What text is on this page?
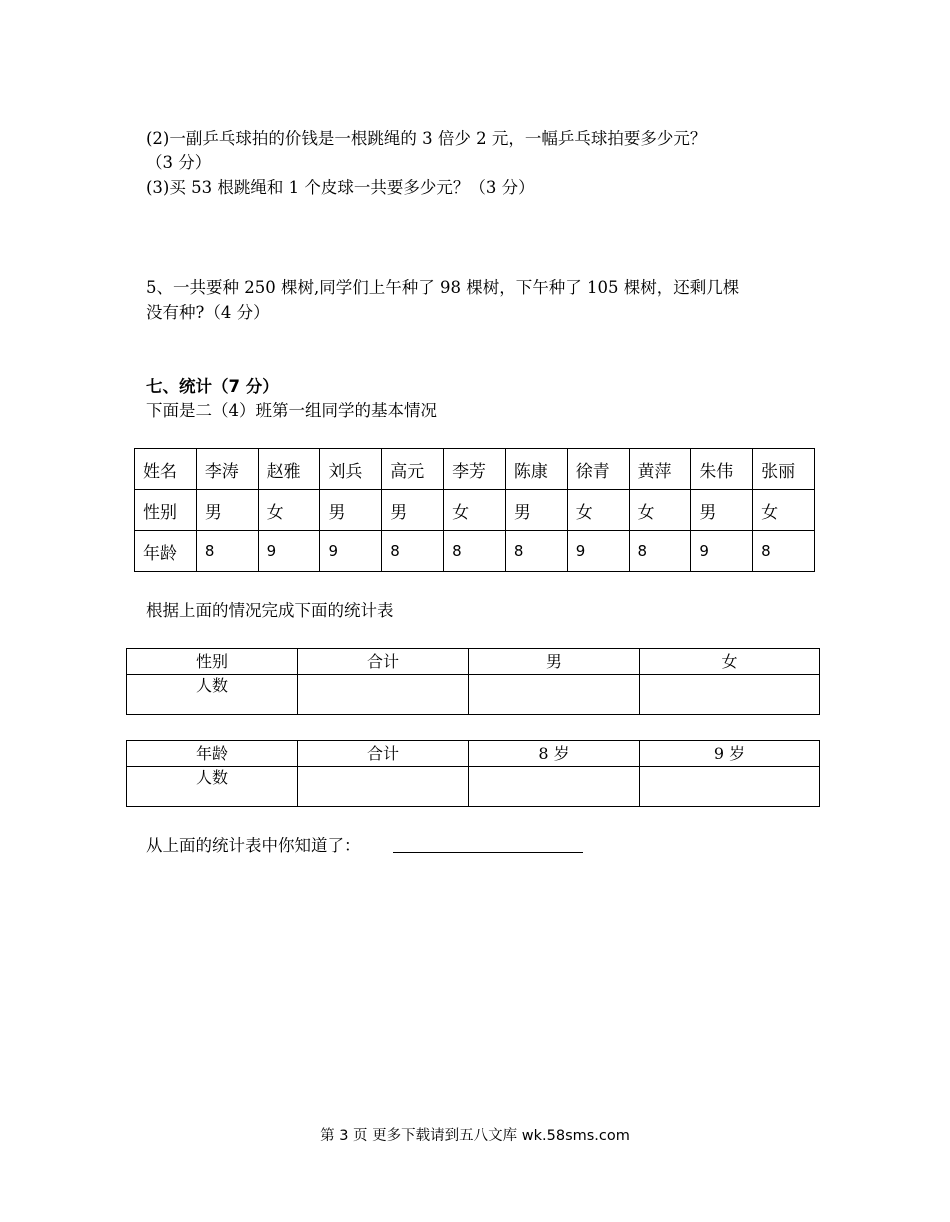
(2)一副乒乓球拍的价钱是一根跳绳的 3 倍少 2 元，一幅乒乓球拍要多少元？
（3 分）
(3)买 53 根跳绳和 1 个皮球一共要多少元？（3 分）
5、一共要种 250 棵树,同学们上午种了 98 棵树，下午种了 105 棵树，还剩几棵
没有种?（4 分）
七、统计（7 分）
下面是二（4）班第一组同学的基本情况
姓名	李涛	赵雅	刘兵	高元	李芳	陈康	徐青	黄萍	朱伟	张丽
性别	男	女	男	男	女	男	女	女	男	女
年龄	8	9	9	8	8	8	9	8	9	8
根据上面的情况完成下面的统计表
性别	合计	男	女
人数			
年龄	合计	8 岁	9 岁
人数			
从上面的统计表中你知道了：
第 3 页 更多下载请到五八文库 wk.58sms.com
